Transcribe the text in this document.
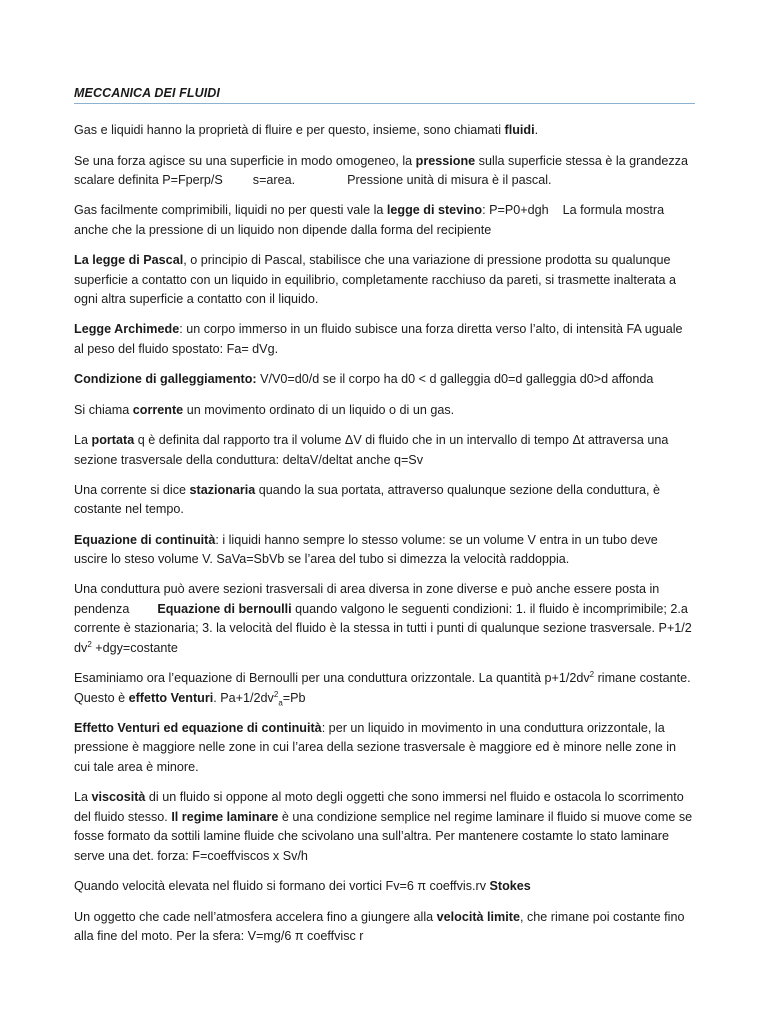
MECCANICA DEI FLUIDI

Gas e liquidi hanno la proprietà di fluire e per questo, insieme, sono chiamati fluidi.

Se una forza agisce su una superficie in modo omogeneo, la pressione sulla superficie stessa è la grandezza scalare definita P=Fperp/S s=area.	Pressione unità di misura è il pascal.

Gas facilmente comprimibili, liquidi no per questi vale la legge di stevino: P=P0+dgh La formula mostra anche che la pressione di un liquido non dipende dalla forma del recipiente

La legge di Pascal, o principio di Pascal, stabilisce che una variazione di pressione prodotta su qualunque superficie a contatto con un liquido in equilibrio, completamente racchiuso da pareti, si trasmette inalterata a ogni altra superficie a contatto con il liquido.

Legge Archimede: un corpo immerso in un fluido subisce una forza diretta verso l’alto, di intensità FA uguale al peso del fluido spostato: Fa= dVg.

Condizione di galleggiamento: V/V0=d0/d se il corpo ha d0 < d galleggia d0=d galleggia d0>d affonda

Si chiama corrente un movimento ordinato di un liquido o di un gas.

La portata q è definita dal rapporto tra il volume ΔV di fluido che in un intervallo di tempo Δt attraversa una sezione trasversale della conduttura: deltaV/deltat anche q=Sv

Una corrente si dice stazionaria quando la sua portata, attraverso qualunque sezione della conduttura, è costante nel tempo.

Equazione di continuità: i liquidi hanno sempre lo stesso volume: se un volume V entra in un tubo deve uscire lo steso volume V. SaVa=SbVb se l’area del tubo si dimezza la velocità raddoppia.

Una conduttura può avere sezioni trasversali di area diversa in zone diverse e può anche essere posta in pendenza Equazione di bernoulli quando valgono le seguenti condizioni: 1. il fluido è incomprimibile; 2.a corrente è stazionaria; 3. la velocità del fluido è la stessa in tutti i punti di qualunque sezione trasversale. P+1/2 $dv^2$ +dgy=costante

Esaminiamo ora l’equazione di Bernoulli per una conduttura orizzontale. La quantità $p+1/2dv^2$ rimane costante. Questo è effetto Venturi. $Pa+1/2dv^2_a=Pb$

Effetto Venturi ed equazione di continuità: per un liquido in movimento in una conduttura orizzontale, la pressione è maggiore nelle zone in cui l’area della sezione trasversale è maggiore ed è minore nelle zone in cui tale area è minore.

La viscosità di un fluido si oppone al moto degli oggetti che sono immersi nel fluido e ostacola lo scorrimento del fluido stesso. Il regime laminare è una condizione semplice nel regime laminare il fluido si muove come se fosse formato da sottili lamine fluide che scivolano una sull’altra. Per mantenere costamte lo stato laminare serve una det. forza: F=coeffviscos x Sv/h

Quando velocità elevata nel fluido si formano dei vortici Fv=6 π coeffvis.rv Stokes

Un oggetto che cade nell’atmosfera accelera fino a giungere alla velocità limite, che rimane poi costante fino alla fine del moto. Per la sfera: V=mg/6 π coeffvisc r
